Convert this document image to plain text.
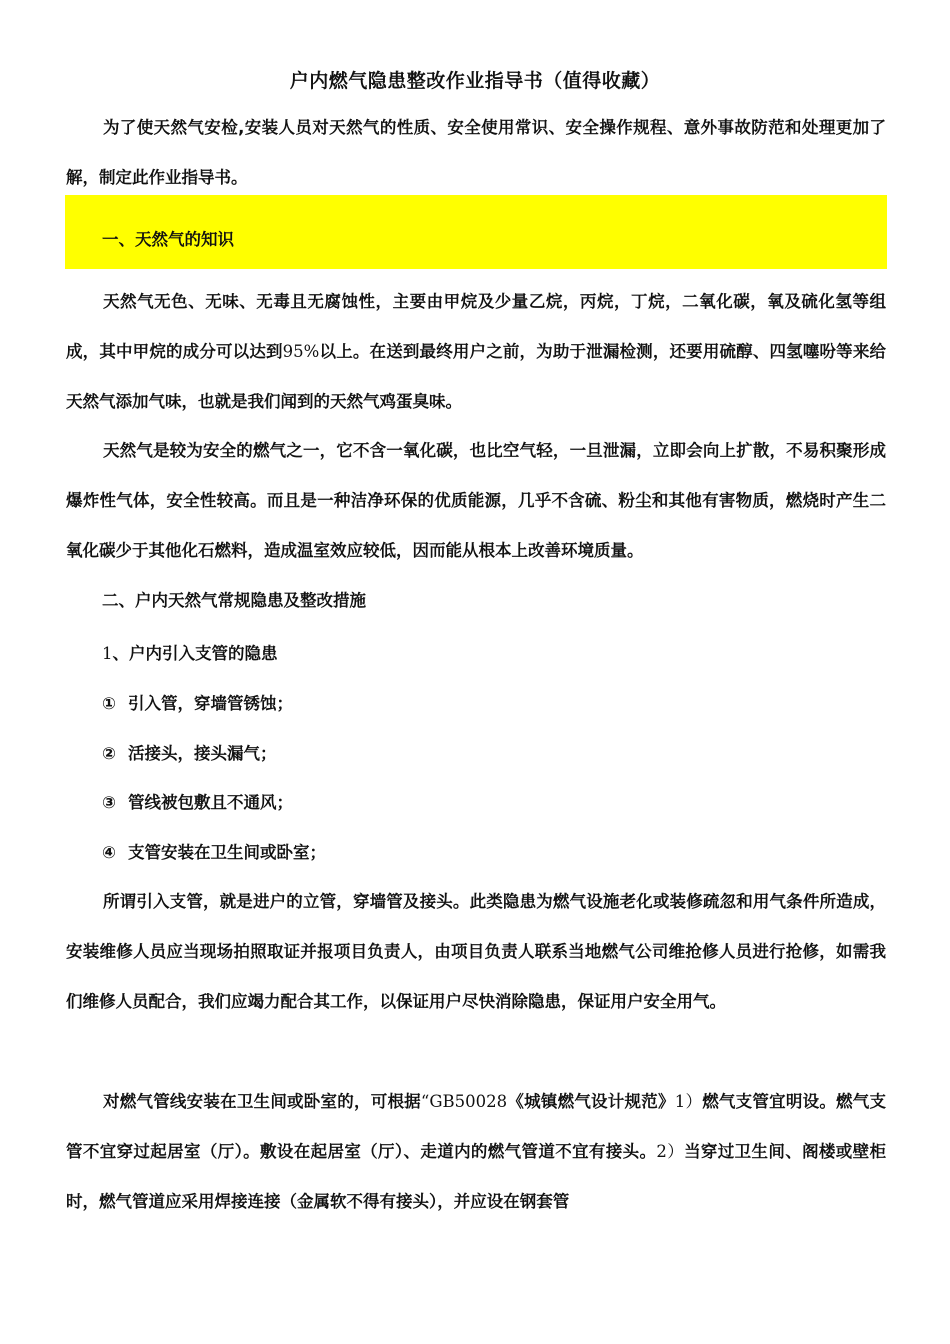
户内燃气隐患整改作业指导书（值得收藏）

为了使天然气安检,安装人员对天然气的性质、安全使用常识、安全操作规程、意外事故防范和处理更加了解，制定此作业指导书。

一、天然气的知识

天然气无色、无味、无毒且无腐蚀性，主要由甲烷及少量乙烷，丙烷，丁烷，二氧化碳，氧及硫化氢等组成，其中甲烷的成分可以达到95%以上。在送到最终用户之前，为助于泄漏检测，还要用硫醇、四氢噻吩等来给天然气添加气味，也就是我们闻到的天然气鸡蛋臭味。

天然气是较为安全的燃气之一，它不含一氧化碳，也比空气轻，一旦泄漏，立即会向上扩散，不易积聚形成爆炸性气体，安全性较高。而且是一种洁净环保的优质能源，几乎不含硫、粉尘和其他有害物质，燃烧时产生二氧化碳少于其他化石燃料，造成温室效应较低，因而能从根本上改善环境质量。

二、户内天然气常规隐患及整改措施
1、户内引入支管的隐患
① 引入管，穿墙管锈蚀；
② 活接头，接头漏气；
③ 管线被包敷且不通风；
④ 支管安装在卫生间或卧室；

所谓引入支管，就是进户的立管，穿墙管及接头。此类隐患为燃气设施老化或装修疏忽和用气条件所造成，安装维修人员应当现场拍照取证并报项目负责人，由项目负责人联系当地燃气公司维抢修人员进行抢修，如需我们维修人员配合，我们应竭力配合其工作，以保证用户尽快消除隐患，保证用户安全用气。

对燃气管线安装在卫生间或卧室的，可根据“GB50028《城镇燃气设计规范》1）燃气支管宜明设。燃气支管不宜穿过起居室（厅）。敷设在起居室（厅）、走道内的燃气管道不宜有接头。2）当穿过卫生间、阁楼或壁柜时，燃气管道应采用焊接连接（金属软不得有接头），并应设在钢套管
